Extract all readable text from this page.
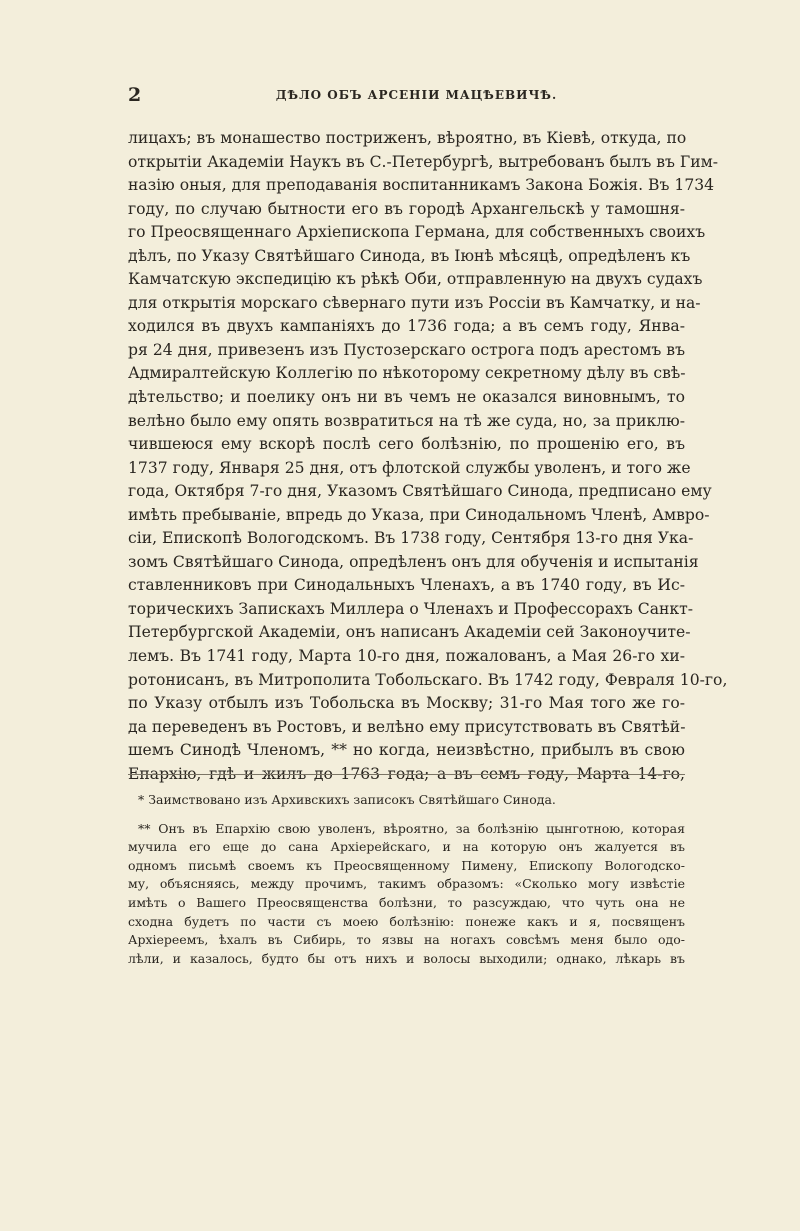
2	ДѢЛО ОБЪ АРСЕНІИ МАЦѢЕВИЧѢ.
лицахъ; въ монашество постриженъ, вѣроятно, въ Кіевѣ, откуда, по
открытіи Академіи Наукъ въ С.-Петербургѣ, вытребованъ былъ въ Гим-
назію оныя, для преподаванія воспитанникамъ Закона Божія. Въ 1734
году, по случаю бытности его въ городѣ Архангельскѣ у тамошня-
го Преосвященнаго Архіепископа Германа, для собственныхъ своихъ
дѣлъ, по Указу Святѣйшаго Синода, въ Іюнѣ мѣсяцѣ, опредѣленъ къ
Камчатскую экспедицію къ рѣкѣ Оби, отправленную на двухъ судахъ
для открытія морскаго сѣвернаго пути изъ Россіи въ Камчатку, и на-
ходился въ двухъ кампаніяхъ до 1736 года; а въ семъ году, Янва-
ря 24 дня, привезенъ изъ Пустозерскаго острога подъ арестомъ въ
Адмиралтейскую Коллегію по нѣкоторому секретному дѣлу въ свѣ-
дѣтельство; и поелику онъ ни въ чемъ не оказался виновнымъ, то
велѣно было ему опять возвратиться на тѣ же суда, но, за приклю-
чившеюся ему вскорѣ послѣ сего болѣзнію, по прошенію его, въ
1737 году, Января 25 дня, отъ флотской службы уволенъ, и того же
года, Октября 7-го дня, Указомъ Святѣйшаго Синода, предписано ему
имѣть пребываніе, впредь до Указа, при Синодальномъ Членѣ, Амвро-
сіи, Епископѣ Вологодскомъ. Въ 1738 году, Сентября 13-го дня Ука-
зомъ Святѣйшаго Синода, опредѣленъ онъ для обученія и испытанія
ставленниковъ при Синодальныхъ Членахъ, а въ 1740 году, въ Ис-
торическихъ Запискахъ Миллера о Членахъ и Профессорахъ Санкт-
Петербургской Академіи, онъ написанъ Академіи сей Законоучите-
лемъ. Въ 1741 году, Марта 10-го дня, пожалованъ, а Мая 26-го хи-
ротонисанъ, въ Митрополита Тобольскаго. Въ 1742 году, Февраля 10-го,
по Указу отбылъ изъ Тобольска въ Москву; 31-го Мая того же го-
да переведенъ въ Ростовъ, и велѣно ему присутствовать въ Святѣй-
шемъ Синодѣ Членомъ, ** но когда, неизвѣстно, прибылъ въ свою
Епархію, гдѣ и жилъ до 1763 года; а въ семъ году, Марта 14-го,
* Заимствовано изъ Архивскихъ записокъ Святѣйшаго Синода.
** Онъ въ Епархію свою уволенъ, вѣроятно, за болѣзнію цынготною, которая
мучила его еще до сана Архіерейскаго, и на которую онъ жалуется въ
одномъ письмѣ своемъ къ Преосвященному Пимену, Епископу Вологодско-
му, объясняясь, между прочимъ, такимъ образомъ: «Сколько могу извѣстіе
имѣть о Вашего Преосвященства болѣзни, то разсуждаю, что чуть она не
сходна будетъ по части съ моею болѣзнію: понеже какъ и я, посвященъ
Архіереемъ, ѣхалъ въ Сибирь, то язвы на ногахъ совсѣмъ меня было одо-
лѣли, и казалось, будто бы отъ нихъ и волосы выходили; однако, лѣкарь въ
